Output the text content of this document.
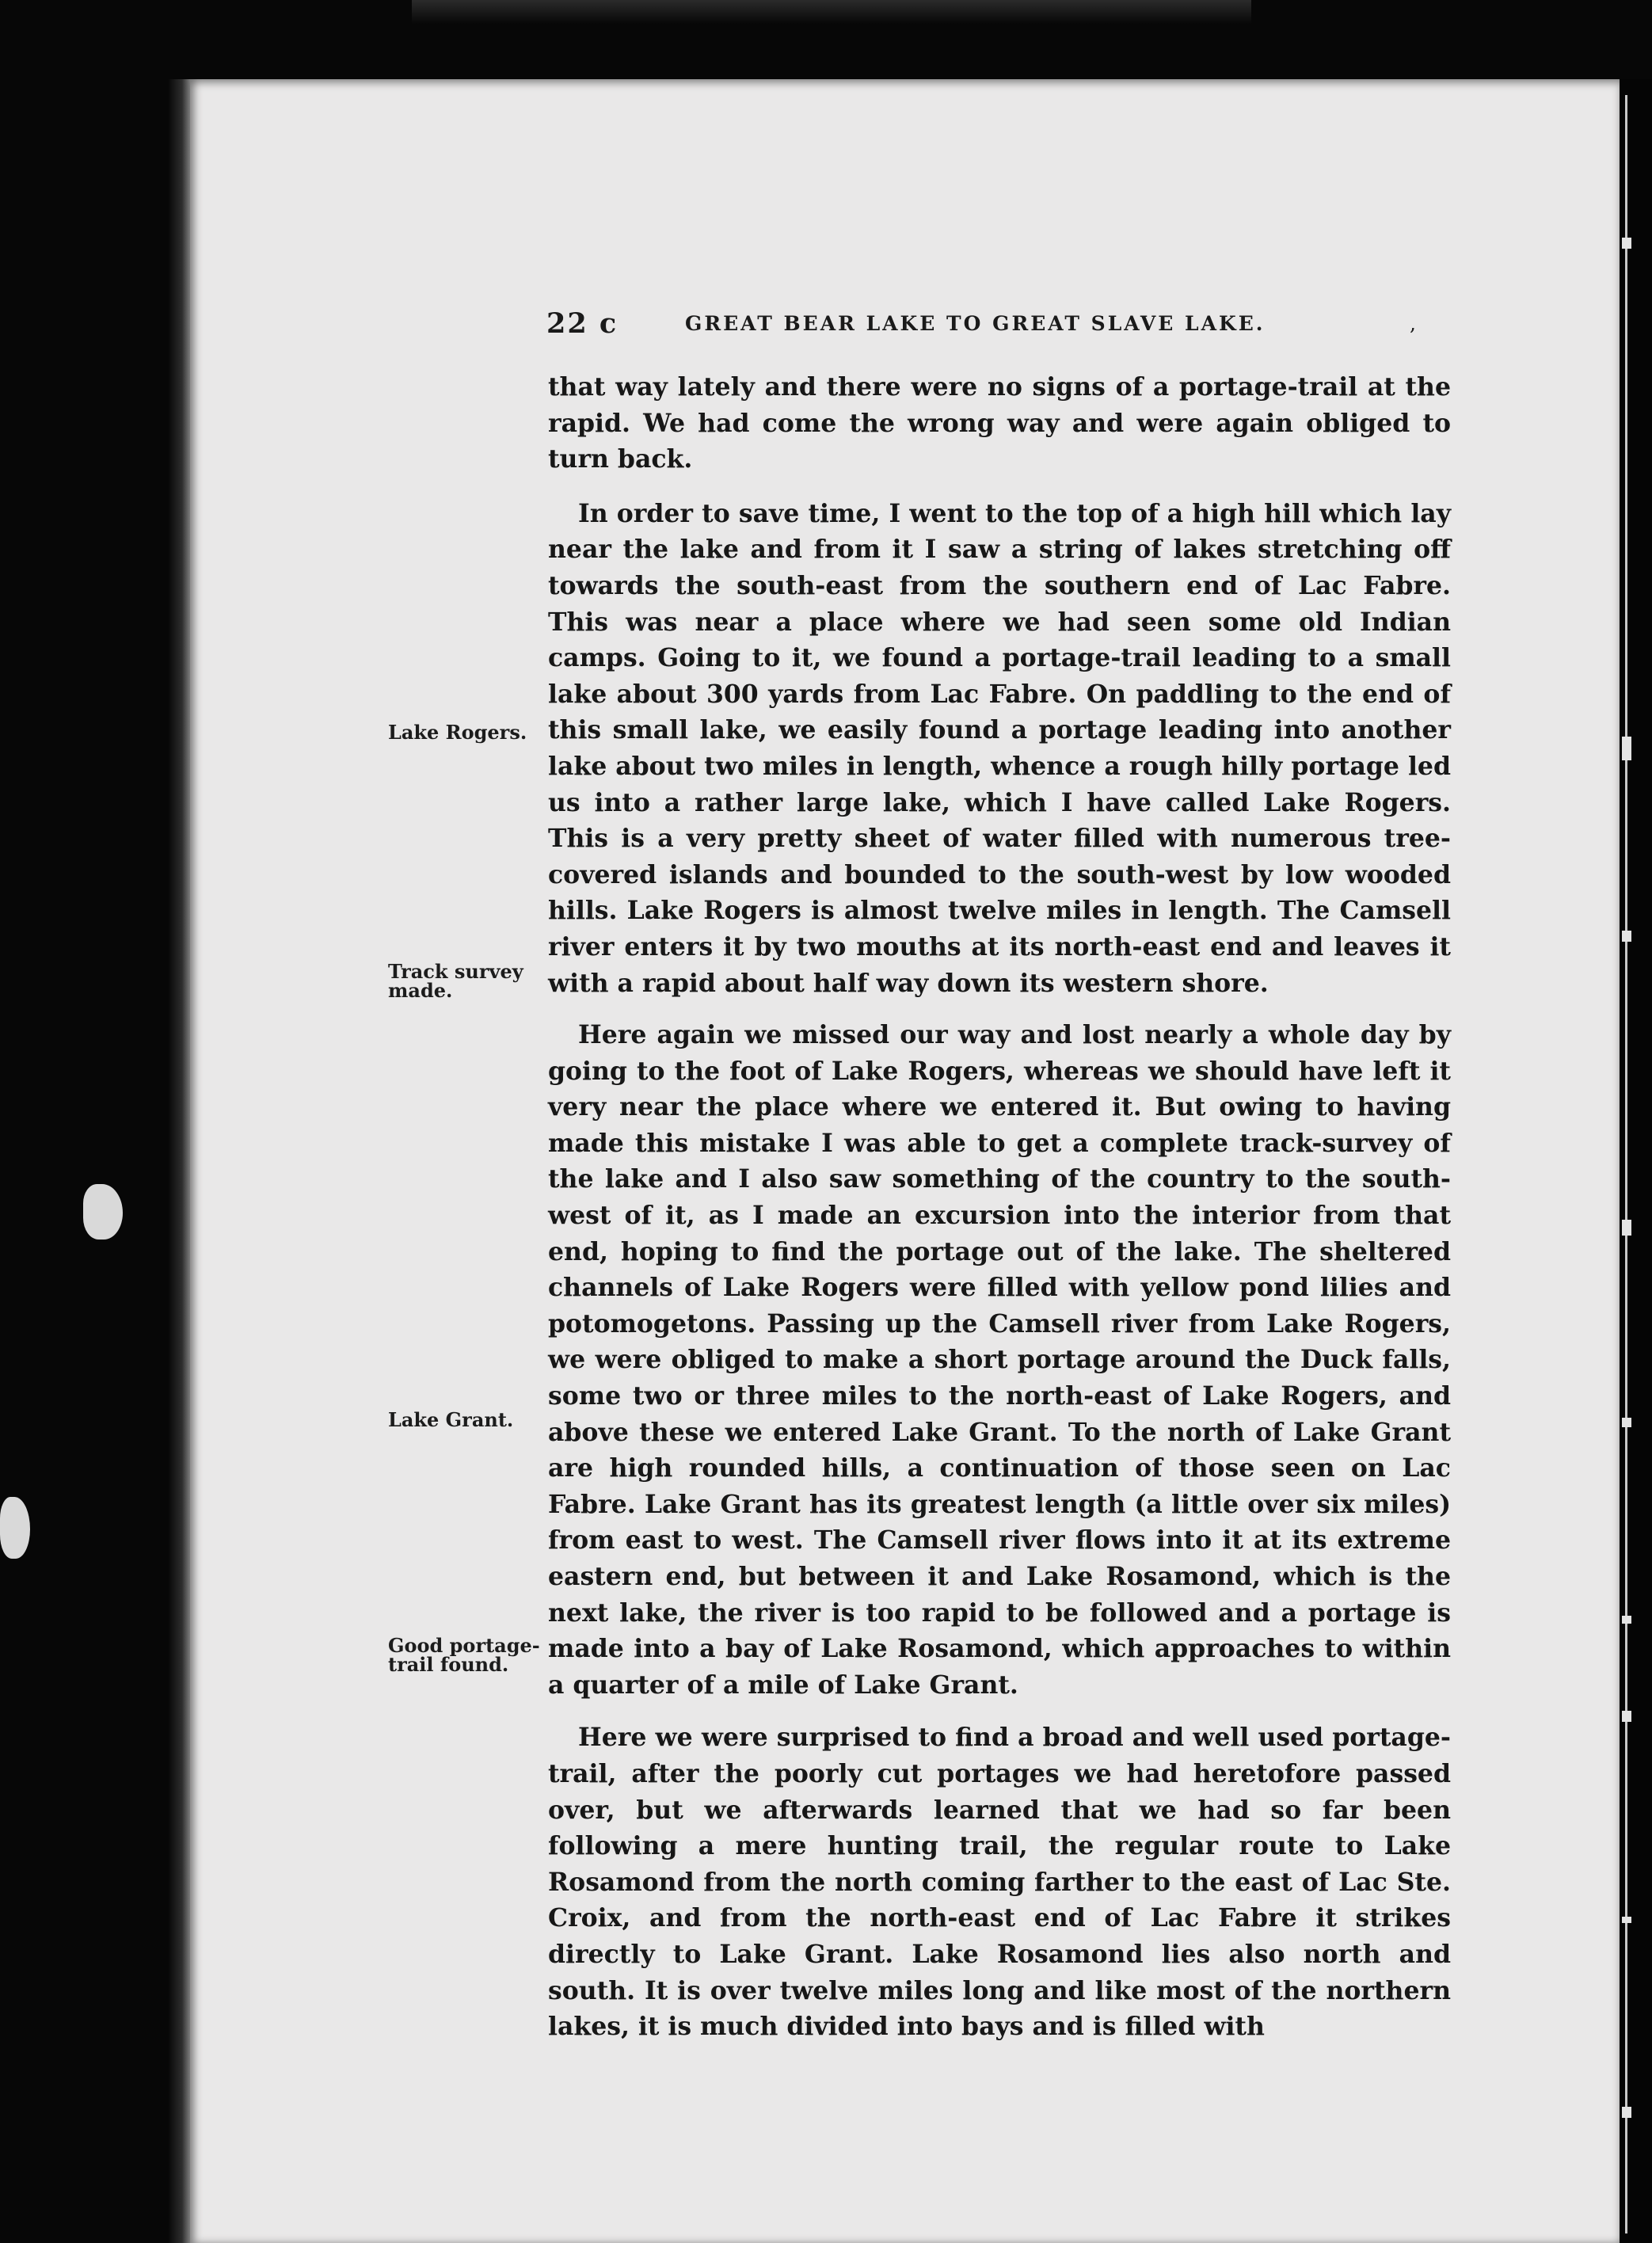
22 c	GREAT BEAR LAKE TO GREAT SLAVE LAKE.	,
Lake Rogers.
Track survey
made.
Lake Grant.
Good portage-
trail found.

that way lately and there were no signs of a portage-trail at the rapid. We had come the wrong way and were again obliged to turn back.

In order to save time, I went to the top of a high hill which lay near the lake and from it I saw a string of lakes stretching off towards the south-east from the southern end of Lac Fabre. This was near a place where we had seen some old Indian camps. Going to it, we found a portage-trail leading to a small lake about 300 yards from Lac Fabre. On paddling to the end of this small lake, we easily found a portage leading into another lake about two miles in length, whence a rough hilly portage led us into a rather large lake, which I have called Lake Rogers. This is a very pretty sheet of water filled with numerous tree-covered islands and bounded to the south-west by low wooded hills. Lake Rogers is almost twelve miles in length. The Camsell river enters it by two mouths at its north-east end and leaves it with a rapid about half way down its western shore.

Here again we missed our way and lost nearly a whole day by going to the foot of Lake Rogers, whereas we should have left it very near the place where we entered it. But owing to having made this mistake I was able to get a complete track-survey of the lake and I also saw something of the country to the south-west of it, as I made an excursion into the interior from that end, hoping to find the portage out of the lake. The sheltered channels of Lake Rogers were filled with yellow pond lilies and potomogetons. Passing up the Camsell river from Lake Rogers, we were obliged to make a short portage around the Duck falls, some two or three miles to the north-east of Lake Rogers, and above these we entered Lake Grant. To the north of Lake Grant are high rounded hills, a continuation of those seen on Lac Fabre. Lake Grant has its greatest length (a little over six miles) from east to west. The Camsell river flows into it at its extreme eastern end, but between it and Lake Rosamond, which is the next lake, the river is too rapid to be followed and a portage is made into a bay of Lake Rosamond, which approaches to within a quarter of a mile of Lake Grant.

Here we were surprised to find a broad and well used portage-trail, after the poorly cut portages we had heretofore passed over, but we afterwards learned that we had so far been following a mere hunting trail, the regular route to Lake Rosamond from the north coming farther to the east of Lac Ste. Croix, and from the north-east end of Lac Fabre it strikes directly to Lake Grant. Lake Rosamond lies also north and south. It is over twelve miles long and like most of the northern lakes, it is much divided into bays and is filled with
